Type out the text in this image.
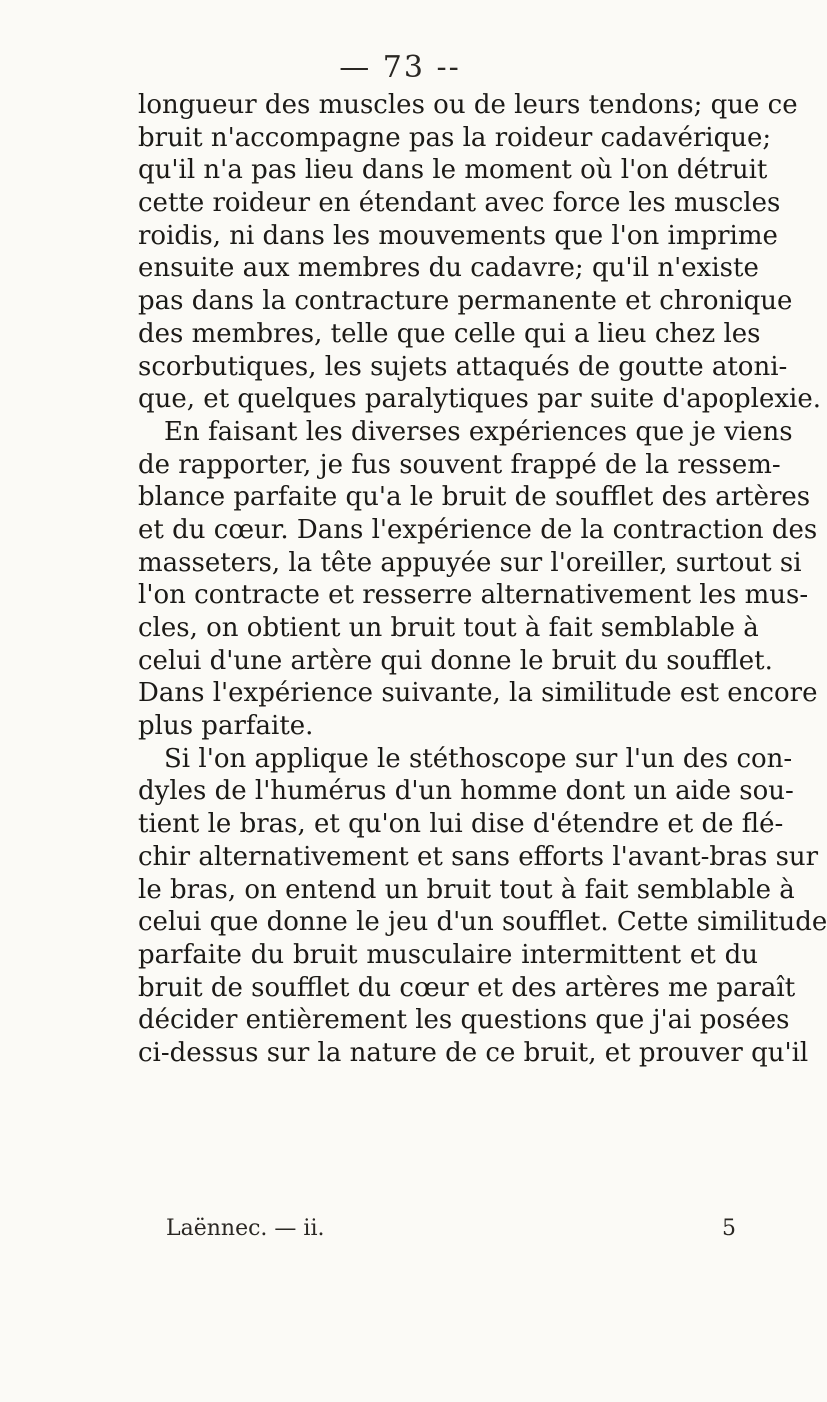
— 73 --
longueur des muscles ou de leurs tendons; que ce
bruit n'accompagne pas la roideur cadavérique;
qu'il n'a pas lieu dans le moment où l'on détruit
cette roideur en étendant avec force les muscles
roidis, ni dans les mouvements que l'on imprime
ensuite aux membres du cadavre; qu'il n'existe
pas dans la contracture permanente et chronique
des membres, telle que celle qui a lieu chez les
scorbutiques, les sujets attaqués de goutte atoni-
que, et quelques paralytiques par suite d'apoplexie.
En faisant les diverses expériences que je viens
de rapporter, je fus souvent frappé de la ressem-
blance parfaite qu'a le bruit de soufflet des artères
et du cœur. Dans l'expérience de la contraction des
masseters, la tête appuyée sur l'oreiller, surtout si
l'on contracte et resserre alternativement les mus-
cles, on obtient un bruit tout à fait semblable à
celui d'une artère qui donne le bruit du soufflet.
Dans l'expérience suivante, la similitude est encore
plus parfaite.
Si l'on applique le stéthoscope sur l'un des con-
dyles de l'humérus d'un homme dont un aide sou-
tient le bras, et qu'on lui dise d'étendre et de flé-
chir alternativement et sans efforts l'avant-bras sur
le bras, on entend un bruit tout à fait semblable à
celui que donne le jeu d'un soufflet. Cette similitude
parfaite du bruit musculaire intermittent et du
bruit de soufflet du cœur et des artères me paraît
décider entièrement les questions que j'ai posées
ci-dessus sur la nature de ce bruit, et prouver qu'il
Laënnec. — ii.	5
